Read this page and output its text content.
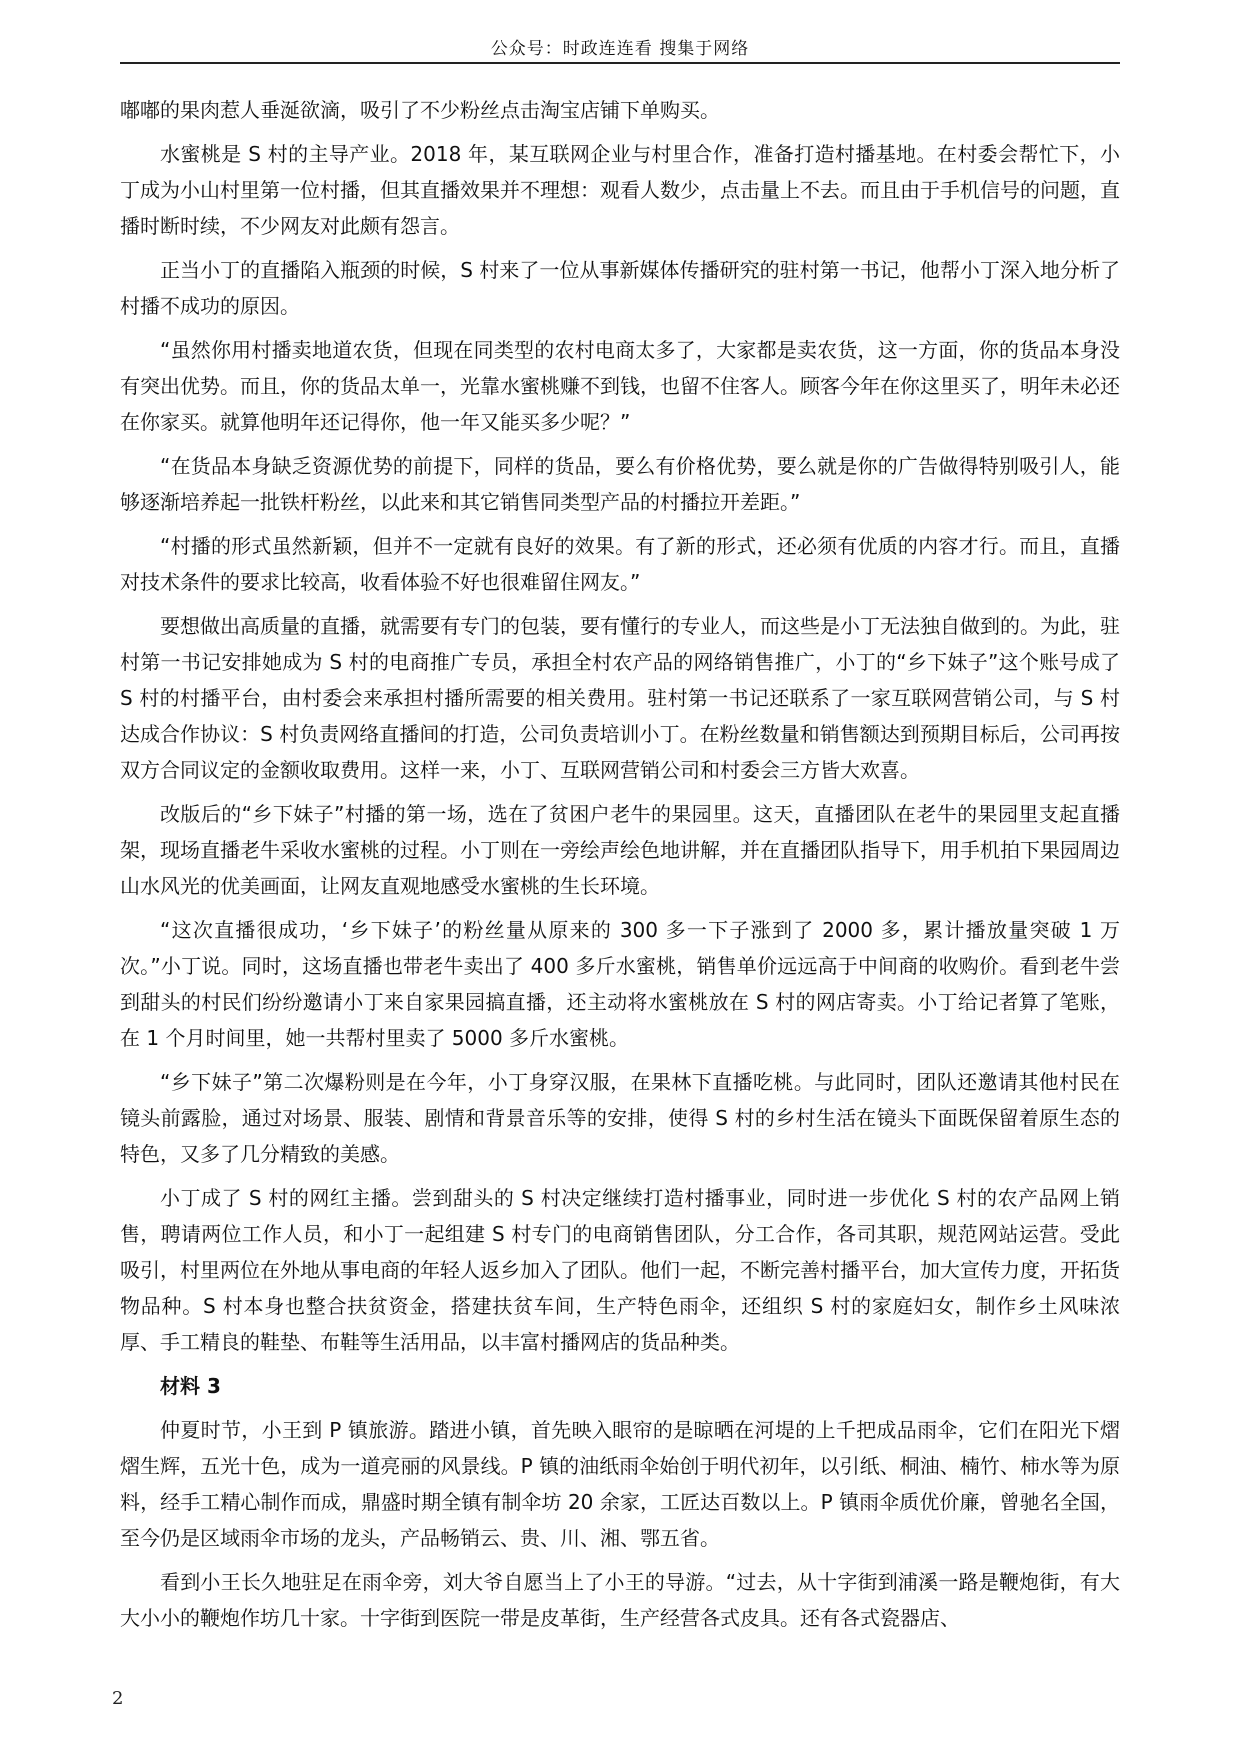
公众号：时政连连看 搜集于网络

嘟嘟的果肉惹人垂涎欲滴，吸引了不少粉丝点击淘宝店铺下单购买。

水蜜桃是 S 村的主导产业。2018 年，某互联网企业与村里合作，准备打造村播基地。在村委会帮忙下，小丁成为小山村里第一位村播，但其直播效果并不理想：观看人数少，点击量上不去。而且由于手机信号的问题，直播时断时续，不少网友对此颇有怨言。

正当小丁的直播陷入瓶颈的时候，S 村来了一位从事新媒体传播研究的驻村第一书记，他帮小丁深入地分析了村播不成功的原因。

“虽然你用村播卖地道农货，但现在同类型的农村电商太多了，大家都是卖农货，这一方面，你的货品本身没有突出优势。而且，你的货品太单一，光靠水蜜桃赚不到钱，也留不住客人。顾客今年在你这里买了，明年未必还在你家买。就算他明年还记得你，他一年又能买多少呢？”

“在货品本身缺乏资源优势的前提下，同样的货品，要么有价格优势，要么就是你的广告做得特别吸引人，能够逐渐培养起一批铁杆粉丝，以此来和其它销售同类型产品的村播拉开差距。”

“村播的形式虽然新颖，但并不一定就有良好的效果。有了新的形式，还必须有优质的内容才行。而且，直播对技术条件的要求比较高，收看体验不好也很难留住网友。”

要想做出高质量的直播，就需要有专门的包装，要有懂行的专业人，而这些是小丁无法独自做到的。为此，驻村第一书记安排她成为 S 村的电商推广专员，承担全村农产品的网络销售推广，小丁的“乡下妹子”这个账号成了 S 村的村播平台，由村委会来承担村播所需要的相关费用。驻村第一书记还联系了一家互联网营销公司，与 S 村达成合作协议：S 村负责网络直播间的打造，公司负责培训小丁。在粉丝数量和销售额达到预期目标后，公司再按双方合同议定的金额收取费用。这样一来，小丁、互联网营销公司和村委会三方皆大欢喜。

改版后的“乡下妹子”村播的第一场，选在了贫困户老牛的果园里。这天，直播团队在老牛的果园里支起直播架，现场直播老牛采收水蜜桃的过程。小丁则在一旁绘声绘色地讲解，并在直播团队指导下，用手机拍下果园周边山水风光的优美画面，让网友直观地感受水蜜桃的生长环境。

“这次直播很成功，‘乡下妹子’的粉丝量从原来的 300 多一下子涨到了 2000 多，累计播放量突破 1 万次。”小丁说。同时，这场直播也带老牛卖出了 400 多斤水蜜桃，销售单价远远高于中间商的收购价。看到老牛尝到甜头的村民们纷纷邀请小丁来自家果园搞直播，还主动将水蜜桃放在 S 村的网店寄卖。小丁给记者算了笔账，在 1 个月时间里，她一共帮村里卖了 5000 多斤水蜜桃。

“乡下妹子”第二次爆粉则是在今年，小丁身穿汉服，在果林下直播吃桃。与此同时，团队还邀请其他村民在镜头前露脸，通过对场景、服装、剧情和背景音乐等的安排，使得 S 村的乡村生活在镜头下面既保留着原生态的特色，又多了几分精致的美感。

小丁成了 S 村的网红主播。尝到甜头的 S 村决定继续打造村播事业，同时进一步优化 S 村的农产品网上销售，聘请两位工作人员，和小丁一起组建 S 村专门的电商销售团队，分工合作，各司其职，规范网站运营。受此吸引，村里两位在外地从事电商的年轻人返乡加入了团队。他们一起，不断完善村播平台，加大宣传力度，开拓货物品种。S 村本身也整合扶贫资金，搭建扶贫车间，生产特色雨伞，还组织 S 村的家庭妇女，制作乡土风味浓厚、手工精良的鞋垫、布鞋等生活用品，以丰富村播网店的货品种类。

材料 3

仲夏时节，小王到 P 镇旅游。踏进小镇，首先映入眼帘的是晾晒在河堤的上千把成品雨伞，它们在阳光下熠熠生辉，五光十色，成为一道亮丽的风景线。P 镇的油纸雨伞始创于明代初年，以引纸、桐油、楠竹、柿水等为原料，经手工精心制作而成，鼎盛时期全镇有制伞坊 20 余家，工匠达百数以上。P 镇雨伞质优价廉，曾驰名全国，至今仍是区域雨伞市场的龙头，产品畅销云、贵、川、湘、鄂五省。

看到小王长久地驻足在雨伞旁，刘大爷自愿当上了小王的导游。“过去，从十字街到浦溪一路是鞭炮街，有大大小小的鞭炮作坊几十家。十字街到医院一带是皮革街，生产经营各式皮具。还有各式瓷器店、

2
